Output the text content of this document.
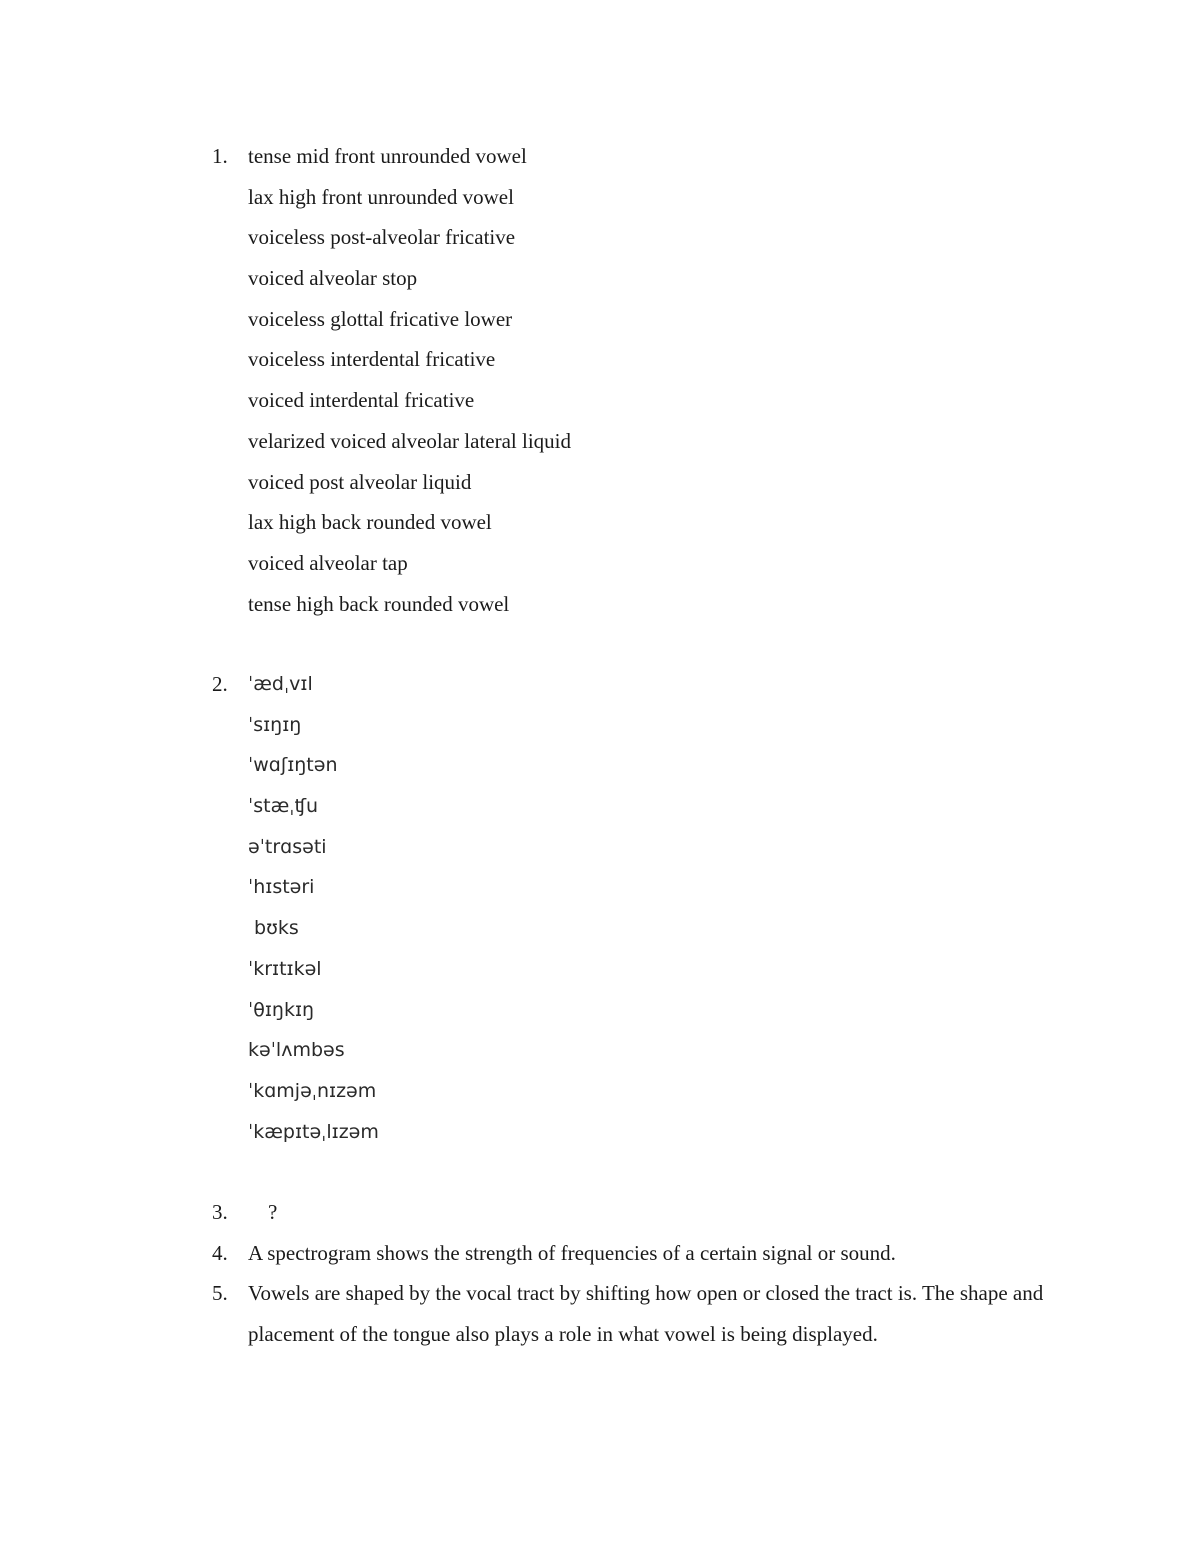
1. tense mid front unrounded vowel
lax high front unrounded vowel
voiceless post-alveolar fricative
voiced alveolar stop
voiceless glottal fricative lower
voiceless interdental fricative
voiced interdental fricative
velarized voiced alveolar lateral liquid
voiced post alveolar liquid
lax high back rounded vowel
voiced alveolar tap
tense high back rounded vowel
2.	ˈædˌvɪl
ˈsɪŋɪŋ
ˈwɑʃɪŋtən
ˈstæˌʧu
əˈtrɑsəti
ˈhɪstəri
bʊks
ˈkrɪtɪkəl
ˈθɪŋkɪŋ
kəˈlʌmbəs
ˈkɑmjəˌnɪzəm
ˈkæpɪtəˌlɪzəm
3.	?
4. A spectrogram shows the strength of frequencies of a certain signal or sound.
5. Vowels are shaped by the vocal tract by shifting how open or closed the tract is. The shape and placement of the tongue also plays a role in what vowel is being displayed.
